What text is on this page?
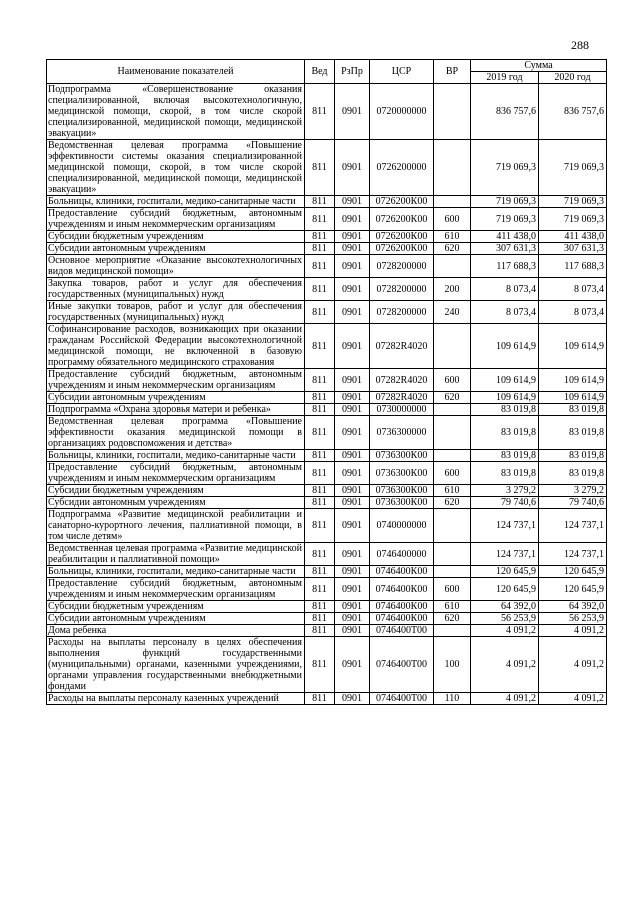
288
Наименование показателей	Вед	РзПр	ЦСР	ВР	Сумма	
					2019 год	2020 год
Подпрограмма «Совершенствование оказания специализированной, включая высокотехнологичную, медицинской помощи, скорой, в том числе скорой специализированной, медицинской помощи, медицинской эвакуации»	811	0901	0720000000		836 757,6	836 757,6
Ведомственная целевая программа «Повышение эффективности системы оказания специализированной медицинской помощи, скорой, в том числе скорой специализированной, медицинской помощи, медицинской эвакуации»	811	0901	0726200000		719 069,3	719 069,3
Больницы, клиники, госпитали, медико-санитарные части	811	0901	0726200К00		719 069,3	719 069,3
Предоставление субсидий бюджетным, автономным учреждениям и иным некоммерческим организациям	811	0901	0726200К00	600	719 069,3	719 069,3
Субсидии бюджетным учреждениям	811	0901	0726200К00	610	411 438,0	411 438,0
Субсидии автономным учреждениям	811	0901	0726200К00	620	307 631,3	307 631,3
Основное мероприятие «Оказание высокотехнологичных видов медицинской помощи»	811	0901	0728200000		117 688,3	117 688,3
Закупка товаров, работ и услуг для обеспечения государственных (муниципальных) нужд	811	0901	0728200000	200	8 073,4	8 073,4
Иные закупки товаров, работ и услуг для обеспечения государственных (муниципальных) нужд	811	0901	0728200000	240	8 073,4	8 073,4
Софинансирование расходов, возникающих при оказании гражданам Российской Федерации высокотехнологичной медицинской помощи, не включенной в базовую программу обязательного медицинского страхования	811	0901	07282R4020		109 614,9	109 614,9
Предоставление субсидий бюджетным, автономным учреждениям и иным некоммерческим организациям	811	0901	07282R4020	600	109 614,9	109 614,9
Субсидии автономным учреждениям	811	0901	07282R4020	620	109 614,9	109 614,9
Подпрограмма «Охрана здоровья матери и ребенка»	811	0901	0730000000		83 019,8	83 019,8
Ведомственная целевая программа «Повышение эффективности оказания медицинской помощи в организациях родовспоможения и детства»	811	0901	0736300000		83 019,8	83 019,8
Больницы, клиники, госпитали, медико-санитарные части	811	0901	0736300К00		83 019,8	83 019,8
Предоставление субсидий бюджетным, автономным учреждениям и иным некоммерческим организациям	811	0901	0736300К00	600	83 019,8	83 019,8
Субсидии бюджетным учреждениям	811	0901	0736300К00	610	3 279,2	3 279,2
Субсидии автономным учреждениям	811	0901	0736300К00	620	79 740,6	79 740,6
Подпрограмма «Развитие медицинской реабилитации и санаторно-курортного лечения, паллиативной помощи, в том числе детям»	811	0901	0740000000		124 737,1	124 737,1
Ведомственная целевая программа «Развитие медицинской реабилитации и паллиативной помощи»	811	0901	0746400000		124 737,1	124 737,1
Больницы, клиники, госпитали, медико-санитарные части	811	0901	0746400К00		120 645,9	120 645,9
Предоставление субсидий бюджетным, автономным учреждениям и иным некоммерческим организациям	811	0901	0746400К00	600	120 645,9	120 645,9
Субсидии бюджетным учреждениям	811	0901	0746400К00	610	64 392,0	64 392,0
Субсидии автономным учреждениям	811	0901	0746400К00	620	56 253,9	56 253,9
Дома ребенка	811	0901	0746400Т00		4 091,2	4 091,2
Расходы на выплаты персоналу в целях обеспечения выполнения функций государственными (муниципальными) органами, казенными учреждениями, органами управления государственными внебюджетными фондами	811	0901	0746400Т00	100	4 091,2	4 091,2
Расходы на выплаты персоналу казенных учреждений	811	0901	0746400Т00	110	4 091,2	4 091,2
